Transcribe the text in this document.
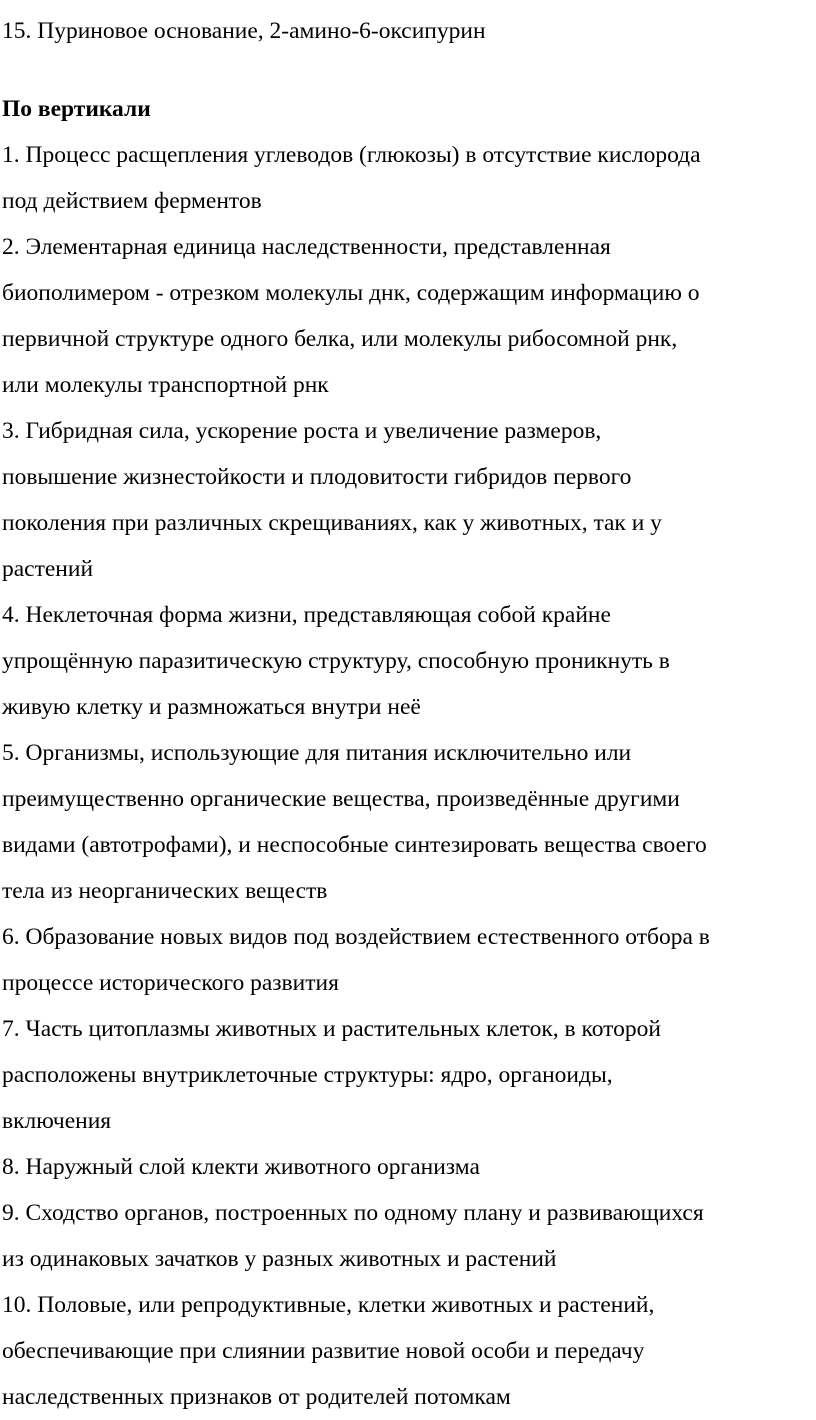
15. Пуриновое основание, 2-амино-6-оксипурин

По вертикали

1. Процесс расщепления углеводов (глюкозы) в отсутствие кислорода

под действием ферментов

2. Элементарная единица наследственности, представленная

биополимером - отрезком молекулы днк, содержащим информацию о

первичной структуре одного белка, или молекулы рибосомной рнк,

или молекулы транспортной рнк

3. Гибридная сила, ускорение роста и увеличение размеров,

повышение жизнестойкости и плодовитости гибридов первого

поколения при различных скрещиваниях, как у животных, так и у

растений

4. Неклеточная форма жизни, представляющая собой крайне

упрощённую паразитическую структуру, способную проникнуть в

живую клетку и размножаться внутри неё

5. Организмы, использующие для питания исключительно или

преимущественно органические вещества, произведённые другими

видами (автотрофами), и неспособные синтезировать вещества своего

тела из неорганических веществ

6. Образование новых видов под воздействием естественного отбора в

процессе исторического развития

7. Часть цитоплазмы животных и растительных клеток, в которой

расположены внутриклеточные структуры: ядро, органоиды,

включения

8. Наружный слой клекти животного организма

9. Сходство органов, построенных по одному плану и развивающихся

из одинаковых зачатков у разных животных и растений

10. Половые, или репродуктивные, клетки животных и растений,

обеспечивающие при слиянии развитие новой особи и передачу

наследственных признаков от родителей потомкам
